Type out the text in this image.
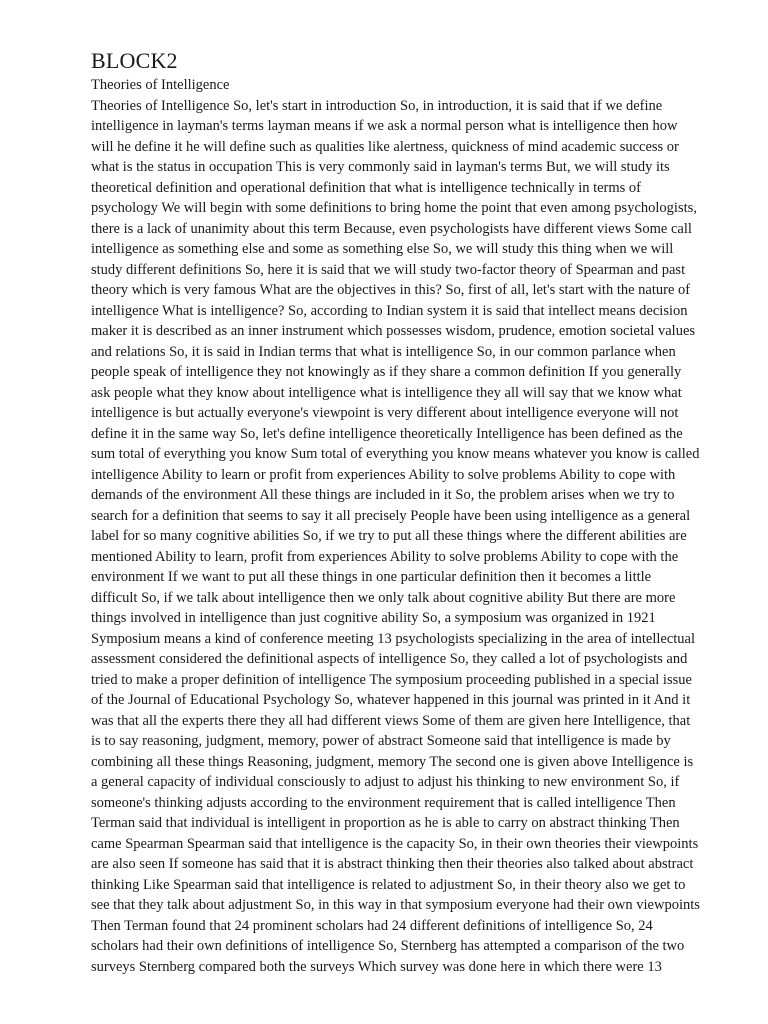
BLOCK2
Theories of Intelligence

Theories of Intelligence So, let's start in introduction So, in introduction, it is said that if we define
intelligence in layman's terms layman means if we ask a normal person what is intelligence then how
will he define it he will define such as qualities like alertness, quickness of mind academic success or
what is the status in occupation This is very commonly said in layman's terms But, we will study its
theoretical definition and operational definition that what is intelligence technically in terms of
psychology We will begin with some definitions to bring home the point that even among psychologists,
there is a lack of unanimity about this term Because, even psychologists have different views Some call
intelligence as something else and some as something else So, we will study this thing when we will
study different definitions So, here it is said that we will study two-factor theory of Spearman and past
theory which is very famous What are the objectives in this? So, first of all, let's start with the nature of
intelligence What is intelligence? So, according to Indian system it is said that intellect means decision
maker it is described as an inner instrument which possesses wisdom, prudence, emotion societal values
and relations So, it is said in Indian terms that what is intelligence So, in our common parlance when
people speak of intelligence they not knowingly as if they share a common definition If you generally
ask people what they know about intelligence what is intelligence they all will say that we know what
intelligence is but actually everyone's viewpoint is very different about intelligence everyone will not
define it in the same way So, let's define intelligence theoretically Intelligence has been defined as the
sum total of everything you know Sum total of everything you know means whatever you know is called
intelligence Ability to learn or profit from experiences Ability to solve problems Ability to cope with
demands of the environment All these things are included in it So, the problem arises when we try to
search for a definition that seems to say it all precisely People have been using intelligence as a general
label for so many cognitive abilities So, if we try to put all these things where the different abilities are
mentioned Ability to learn, profit from experiences Ability to solve problems Ability to cope with the
environment If we want to put all these things in one particular definition then it becomes a little
difficult So, if we talk about intelligence then we only talk about cognitive ability But there are more
things involved in intelligence than just cognitive ability So, a symposium was organized in 1921
Symposium means a kind of conference meeting 13 psychologists specializing in the area of intellectual
assessment considered the definitional aspects of intelligence So, they called a lot of psychologists and
tried to make a proper definition of intelligence The symposium proceeding published in a special issue
of the Journal of Educational Psychology So, whatever happened in this journal was printed in it And it
was that all the experts there they all had different views Some of them are given here Intelligence, that
is to say reasoning, judgment, memory, power of abstract Someone said that intelligence is made by
combining all these things Reasoning, judgment, memory The second one is given above Intelligence is
a general capacity of individual consciously to adjust to adjust his thinking to new environment So, if
someone's thinking adjusts according to the environment requirement that is called intelligence Then
Terman said that individual is intelligent in proportion as he is able to carry on abstract thinking Then
came Spearman Spearman said that intelligence is the capacity So, in their own theories their viewpoints
are also seen If someone has said that it is abstract thinking then their theories also talked about abstract
thinking Like Spearman said that intelligence is related to adjustment So, in their theory also we get to
see that they talk about adjustment So, in this way in that symposium everyone had their own viewpoints
Then Terman found that 24 prominent scholars had 24 different definitions of intelligence So, 24
scholars had their own definitions of intelligence So, Sternberg has attempted a comparison of the two
surveys Sternberg compared both the surveys Which survey was done here in which there were 13
